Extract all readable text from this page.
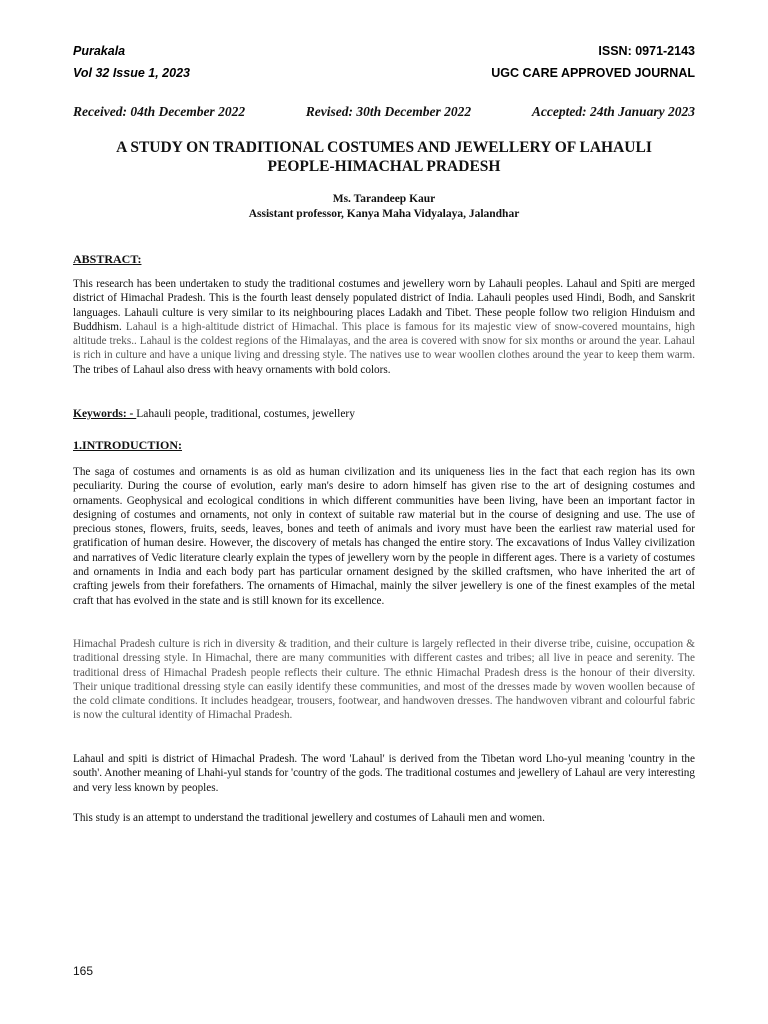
Purakala	ISSN: 0971-2143
Vol 32 Issue 1, 2023	UGC CARE APPROVED JOURNAL
Received: 04th December 2022	Revised: 30th December 2022	Accepted: 24th January 2023
A STUDY ON TRADITIONAL COSTUMES AND JEWELLERY OF LAHAULI
PEOPLE-HIMACHAL PRADESH
Ms. Tarandeep Kaur
Assistant professor, Kanya Maha Vidyalaya, Jalandhar
ABSTRACT:
This research has been undertaken to study the traditional costumes and jewellery worn by Lahauli peoples. Lahaul and Spiti are merged district of Himachal Pradesh. This is the fourth least densely populated district of India. Lahauli peoples used Hindi, Bodh, and Sanskrit languages. Lahauli culture is very similar to its neighbouring places Ladakh and Tibet. These people follow two religion Hinduism and Buddhism. Lahaul is a high-altitude district of Himachal. This place is famous for its majestic view of snow-covered mountains, high altitude treks.. Lahaul is the coldest regions of the Himalayas, and the area is covered with snow for six months or around the year. Lahaul is rich in culture and have a unique living and dressing style. The natives use to wear woollen clothes around the year to keep them warm. The tribes of Lahaul also dress with heavy ornaments with bold colors.
Keywords: - Lahauli people, traditional, costumes, jewellery
1.INTRODUCTION:
The saga of costumes and ornaments is as old as human civilization and its uniqueness lies in the fact that each region has its own peculiarity. During the course of evolution, early man's desire to adorn himself has given rise to the art of designing costumes and ornaments. Geophysical and ecological conditions in which different communities have been living, have been an important factor in designing of costumes and ornaments, not only in context of suitable raw material but in the course of designing and use. The use of precious stones, flowers, fruits, seeds, leaves, bones and teeth of animals and ivory must have been the earliest raw material used for gratification of human desire. However, the discovery of metals has changed the entire story. The excavations of Indus Valley civilization and narratives of Vedic literature clearly explain the types of jewellery worn by the people in different ages. There is a variety of costumes and ornaments in India and each body part has particular ornament designed by the skilled craftsmen, who have inherited the art of crafting jewels from their forefathers. The ornaments of Himachal, mainly the silver jewellery is one of the finest examples of the metal craft that has evolved in the state and is still known for its excellence.
Himachal Pradesh culture is rich in diversity & tradition, and their culture is largely reflected in their diverse tribe, cuisine, occupation & traditional dressing style. In Himachal, there are many communities with different castes and tribes; all live in peace and serenity. The traditional dress of Himachal Pradesh people reflects their culture. The ethnic Himachal Pradesh dress is the honour of their diversity. Their unique traditional dressing style can easily identify these communities, and most of the dresses made by woven woollen because of the cold climate conditions. It includes headgear, trousers, footwear, and handwoven dresses. The handwoven vibrant and colourful fabric is now the cultural identity of Himachal Pradesh.
Lahaul and spiti is district of Himachal Pradesh. The word 'Lahaul' is derived from the Tibetan word Lho-yul meaning 'country in the south'. Another meaning of Lhahi-yul stands for 'country of the gods. The traditional costumes and jewellery of Lahaul are very interesting and very less known by peoples.
This study is an attempt to understand the traditional jewellery and costumes of Lahauli men and women.
165
